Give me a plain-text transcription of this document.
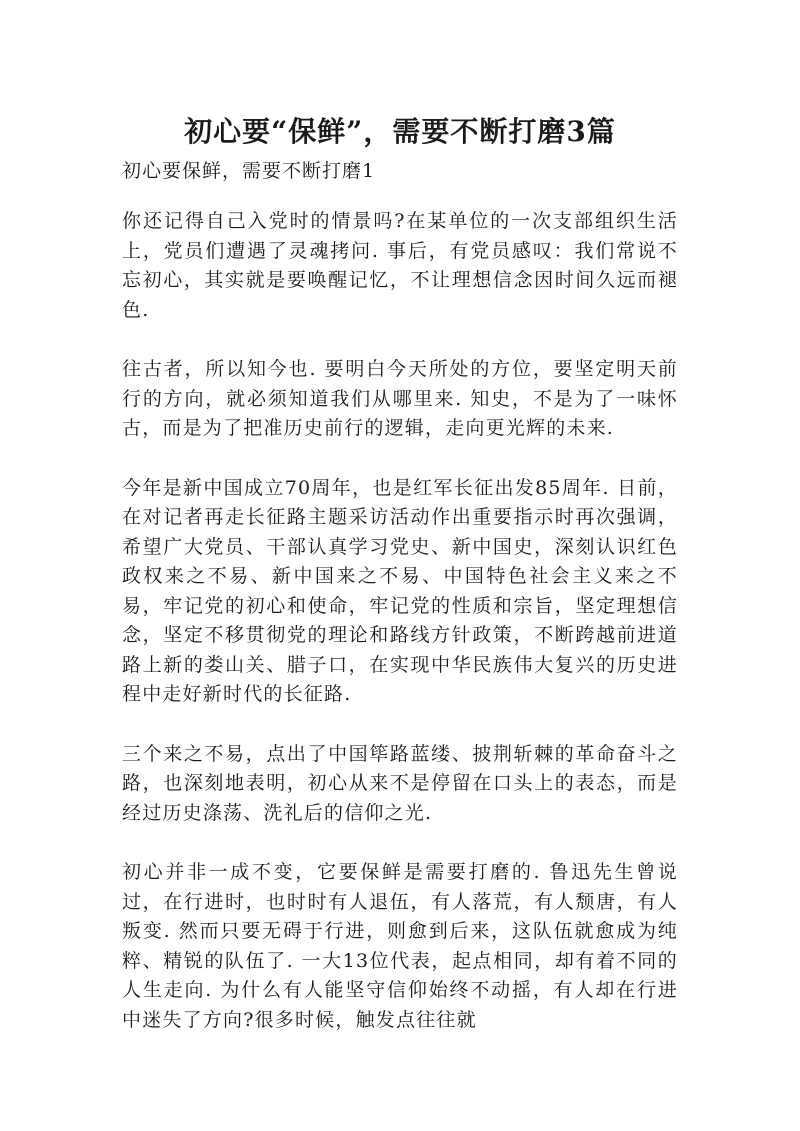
初心要“保鲜”，需要不断打磨3篇

初心要保鲜，需要不断打磨1

你还记得自己入党时的情景吗?在某单位的一次支部组织生活上，党员们遭遇了灵魂拷问. 事后，有党员感叹：我们常说不忘初心，其实就是要唤醒记忆，不让理想信念因时间久远而褪色.

往古者，所以知今也. 要明白今天所处的方位，要坚定明天前行的方向，就必须知道我们从哪里来. 知史，不是为了一味怀古，而是为了把准历史前行的逻辑，走向更光辉的未来.

今年是新中国成立70周年，也是红军长征出发85周年. 日前，在对记者再走长征路主题采访活动作出重要指示时再次强调，希望广大党员、干部认真学习党史、新中国史，深刻认识红色政权来之不易、新中国来之不易、中国特色社会主义来之不易，牢记党的初心和使命，牢记党的性质和宗旨，坚定理想信念，坚定不移贯彻党的理论和路线方针政策，不断跨越前进道路上新的娄山关、腊子口，在实现中华民族伟大复兴的历史进程中走好新时代的长征路.

三个来之不易，点出了中国筚路蓝缕、披荆斩棘的革命奋斗之路，也深刻地表明，初心从来不是停留在口头上的表态，而是经过历史涤荡、洗礼后的信仰之光.

初心并非一成不变，它要保鲜是需要打磨的. 鲁迅先生曾说过，在行进时，也时时有人退伍，有人落荒，有人颓唐，有人叛变. 然而只要无碍于行进，则愈到后来，这队伍就愈成为纯粹、精锐的队伍了. 一大13位代表，起点相同，却有着不同的人生走向. 为什么有人能坚守信仰始终不动摇，有人却在行进中迷失了方向?很多时候，触发点往往就
